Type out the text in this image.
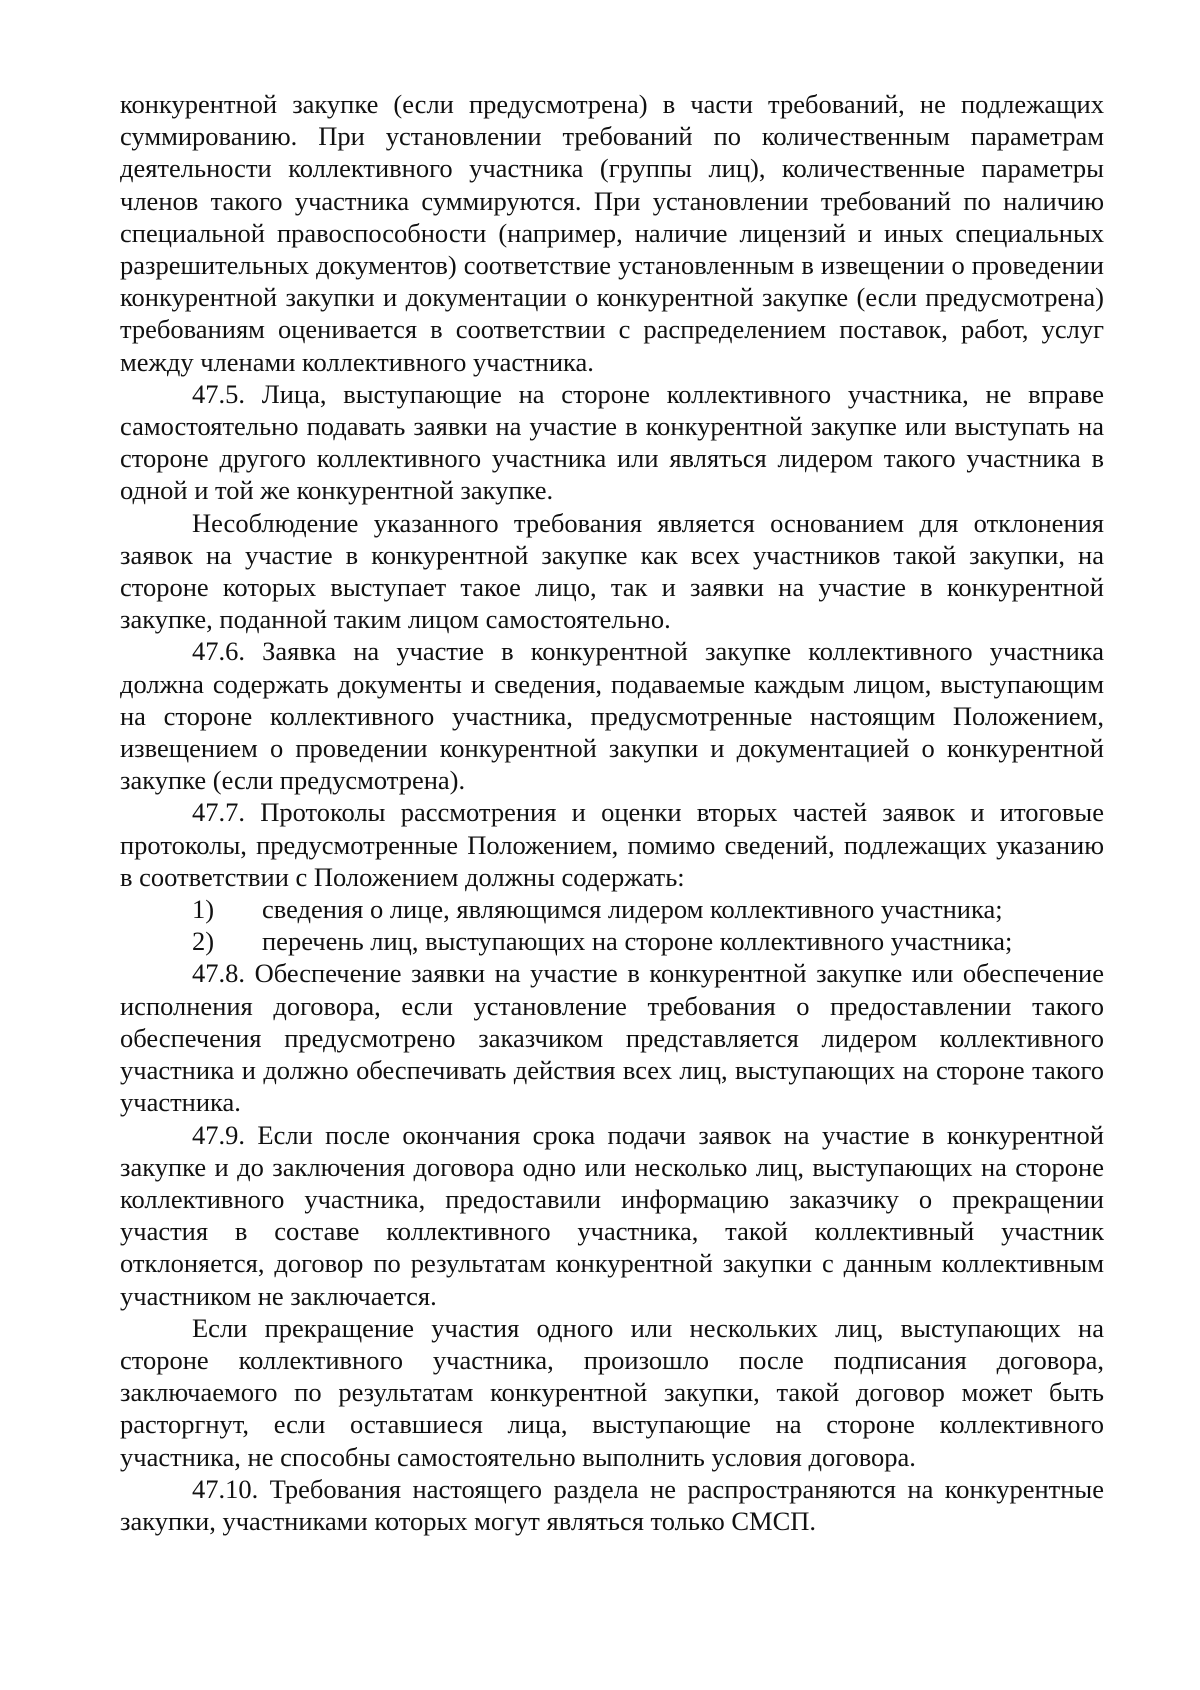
конкурентной закупке (если предусмотрена) в части требований, не подлежащих суммированию. При установлении требований по количественным параметрам деятельности коллективного участника (группы лиц), количественные параметры членов такого участника суммируются. При установлении требований по наличию специальной правоспособности (например, наличие лицензий и иных специальных разрешительных документов) соответствие установленным в извещении о проведении конкурентной закупки и документации о конкурентной закупке (если предусмотрена) требованиям оценивается в соответствии с распределением поставок, работ, услуг между членами коллективного участника.

47.5. Лица, выступающие на стороне коллективного участника, не вправе самостоятельно подавать заявки на участие в конкурентной закупке или выступать на стороне другого коллективного участника или являться лидером такого участника в одной и той же конкурентной закупке.

Несоблюдение указанного требования является основанием для отклонения заявок на участие в конкурентной закупке как всех участников такой закупки, на стороне которых выступает такое лицо, так и заявки на участие в конкурентной закупке, поданной таким лицом самостоятельно.

47.6. Заявка на участие в конкурентной закупке коллективного участника должна содержать документы и сведения, подаваемые каждым лицом, выступающим на стороне коллективного участника, предусмотренные настоящим Положением, извещением о проведении конкурентной закупки и документацией о конкурентной закупке (если предусмотрена).

47.7. Протоколы рассмотрения и оценки вторых частей заявок и итоговые протоколы, предусмотренные Положением, помимо сведений, подлежащих указанию в соответствии с Положением должны содержать:

1) сведения о лице, являющимся лидером коллективного участника;
2) перечень лиц, выступающих на стороне коллективного участника;

47.8. Обеспечение заявки на участие в конкурентной закупке или обеспечение исполнения договора, если установление требования о предоставлении такого обеспечения предусмотрено заказчиком представляется лидером коллективного участника и должно обеспечивать действия всех лиц, выступающих на стороне такого участника.

47.9. Если после окончания срока подачи заявок на участие в конкурентной закупке и до заключения договора одно или несколько лиц, выступающих на стороне коллективного участника, предоставили информацию заказчику о прекращении участия в составе коллективного участника, такой коллективный участник отклоняется, договор по результатам конкурентной закупки с данным коллективным участником не заключается.

Если прекращение участия одного или нескольких лиц, выступающих на стороне коллективного участника, произошло после подписания договора, заключаемого по результатам конкурентной закупки, такой договор может быть расторгнут, если оставшиеся лица, выступающие на стороне коллективного участника, не способны самостоятельно выполнить условия договора.

47.10. Требования настоящего раздела не распространяются на конкурентные закупки, участниками которых могут являться только СМСП.
